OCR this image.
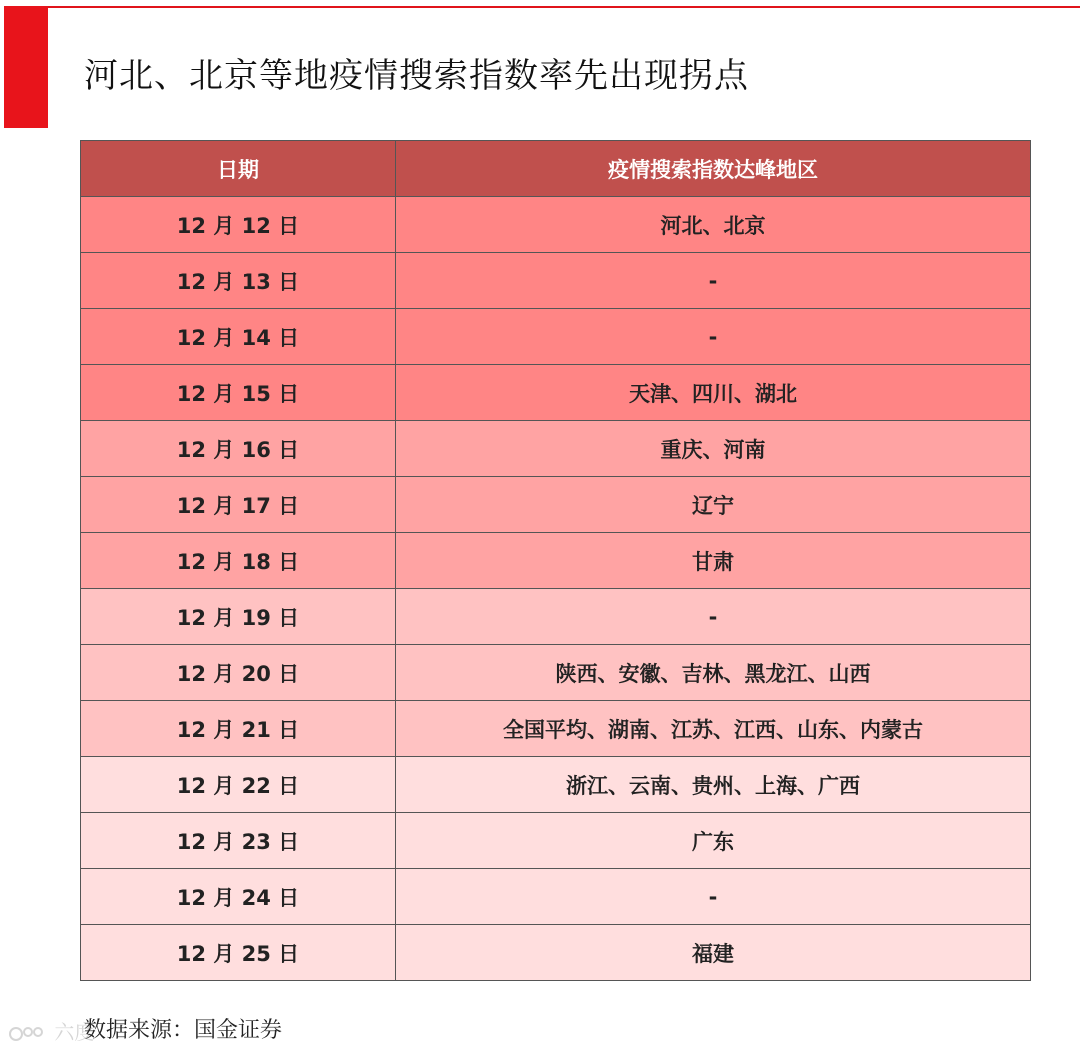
河北、北京等地疫情搜索指数率先出现拐点
日期	疫情搜索指数达峰地区
12 月 12 日	河北、北京
12 月 13 日	-
12 月 14 日	-
12 月 15 日	天津、四川、湖北
12 月 16 日	重庆、河南
12 月 17 日	辽宁
12 月 18 日	甘肃
12 月 19 日	-
12 月 20 日	陕西、安徽、吉林、黑龙江、山西
12 月 21 日	全国平均、湖南、江苏、江西、山东、内蒙古
12 月 22 日	浙江、云南、贵州、上海、广西
12 月 23 日	广东
12 月 24 日	-
12 月 25 日	福建
六度
数据来源：国金证券
